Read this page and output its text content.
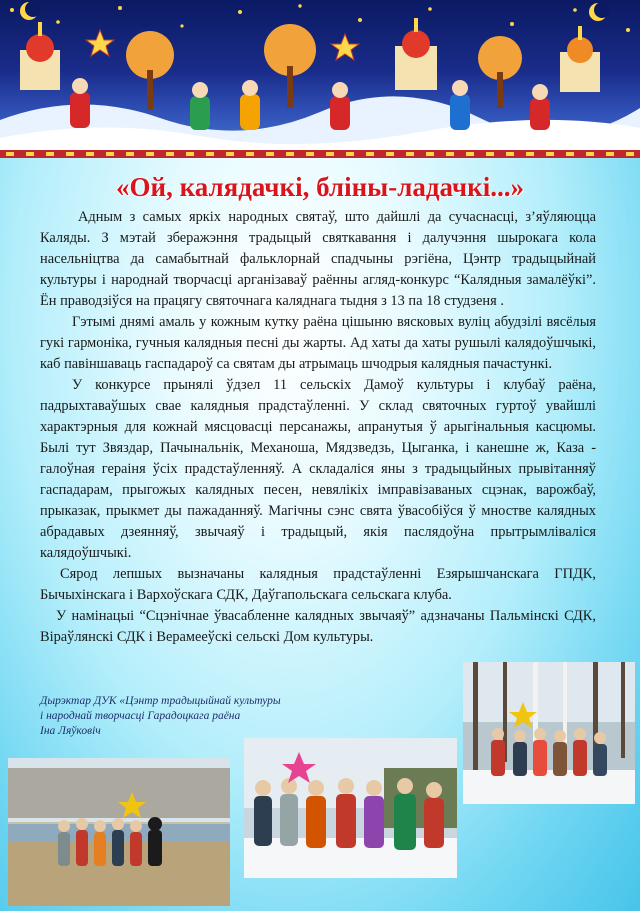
«Ой, калядачкі, бліны-ладачкі...»

Адным з самых яркіх народных святаў, што дайшлі да сучаснасці, з’яўляюцца Каляды. З мэтай зберажэння традыцый святкавання і далучэння шырокага кола насельніцтва да самабытнай фальклорнай спадчыны рэгіёна, Цэнтр традыцыйнай культуры і народнай творчасці арганізаваў раённы агляд-конкурс “Калядныя замалёўкі”. Ён праводзіўся на працягу святочнага каляднага тыдня з 13 па 18 студзеня .

Гэтымі днямі амаль у кожным кутку раёна цішыню вясковых вуліц абудзілі вясёлыя гукі гармоніка, гучныя калядныя песні ды жарты. Ад хаты да хаты рушылі калядоўшчыкі, каб павіншаваць гаспадароў са святам ды атрымаць шчодрыя калядныя пачастункі.

У конкурсе прынялі ўдзел 11 сельскіх Дамоў культуры і клубаў раёна, падрыхтаваўшых свае калядныя прадстаўленні. У склад святочных гуртоў увайшлі характэрныя для кожнай мясцовасці персанажы, апранутыя ў арыгінальныя касцюмы. Былі тут Звяздар, Пачынальнік, Механоша, Мядзведзь, Цыганка, і канешне ж, Каза - галоўная гераіня ўсіх прадстаўленняў. А складаліся яны з традыцыйных прывітанняў гаспадарам, прыгожых калядных песен, невялікіх імправізаваных сцэнак, варожбаў, прыказак, прыкмет ды пажаданняў. Магічны сэнс свята ўвасобіўся ў мностве калядных абрадавых дзеянняў, звычаяў і традыцый, якія паслядоўна прытрымліваліся калядоўшчыкі.

Сярод лепшых вызначаны калядныя прадстаўленні Езярышчанскага ГПДК, Бычыхінскага і Вархоўскага СДК, Даўгапольскага сельскага клуба.

У намінацыі “Сцэнічнае ўвасабленне калядных звычаяў” адзначаны Пальмінскі СДК, Віраўлянскі СДК і Верамееўскі сельскі Дом культуры.

Дырэктар ДУК «Цэнтр традыцыйнай культуры
і народнай творчасці Гарадоцкага раёна
Іна Ляўковіч
